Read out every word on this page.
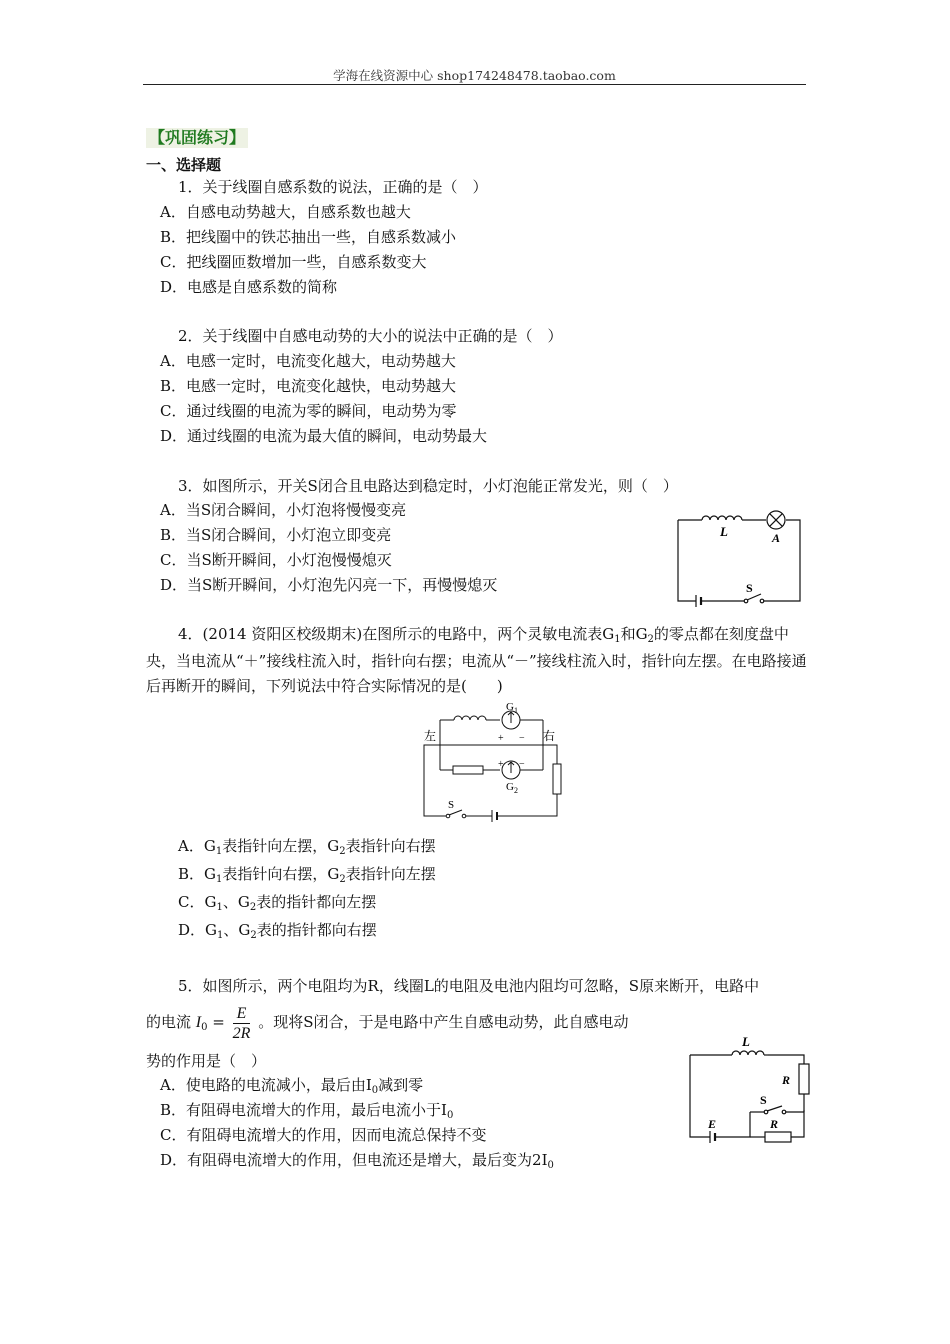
学海在线资源中心 shop174248478.taobao.com
【巩固练习】
一、选择题
1．关于线圈自感系数的说法，正确的是（　）
A．自感电动势越大，自感系数也越大
B．把线圈中的铁芯抽出一些，自感系数减小
C．把线圈匝数增加一些，自感系数变大
D．电感是自感系数的简称
2．关于线圈中自感电动势的大小的说法中正确的是（　）
A．电感一定时，电流变化越大，电动势越大
B．电感一定时，电流变化越快，电动势越大
C．通过线圈的电流为零的瞬间，电动势为零
D．通过线圈的电流为最大值的瞬间，电动势最大
3．如图所示，开关S闭合且电路达到稳定时，小灯泡能正常发光，则（　）
A．当S闭合瞬间，小灯泡将慢慢变亮
B．当S闭合瞬间，小灯泡立即变亮
C．当S断开瞬间，小灯泡慢慢熄灭
D．当S断开瞬间，小灯泡先闪亮一下，再慢慢熄灭
L	A
S
4．(2014 资阳区校级期末)在图所示的电路中，两个灵敏电流表$G_1$和$G_2$的零点都在刻度盘中央，当电流从“＋”接线柱流入时，指针向右摆；电流从“－”接线柱流入时，指针向左摆。在电路接通后再断开的瞬间，下列说法中符合实际情况的是(　　)
左	右
G 1
+ −
+ −
G 2
S
A．$G_1$表指针向左摆，$G_2$表指针向右摆
B．$G_1$表指针向右摆，$G_2$表指针向左摆
C．$G_1$、$G_2$表的指针都向左摆
D．$G_1$、$G_2$表的指针都向右摆
5．如图所示，两个电阻均为R，线圈L的电阻及电池内阻均可忽略，S原来断开，电路中
的电流 $I_0 = \frac{E}{2R}$ 。现将S闭合，于是电路中产生自感电动势，此自感电动
势的作用是（　）
A．使电路的电流减小，最后由$I_0$减到零
B．有阻碍电流增大的作用，最后电流小于$I_0$
C．有阻碍电流增大的作用，因而电流总保持不变
D．有阻碍电流增大的作用，但电流还是增大，最后变为$2I_0$
L
R
S
R
E
